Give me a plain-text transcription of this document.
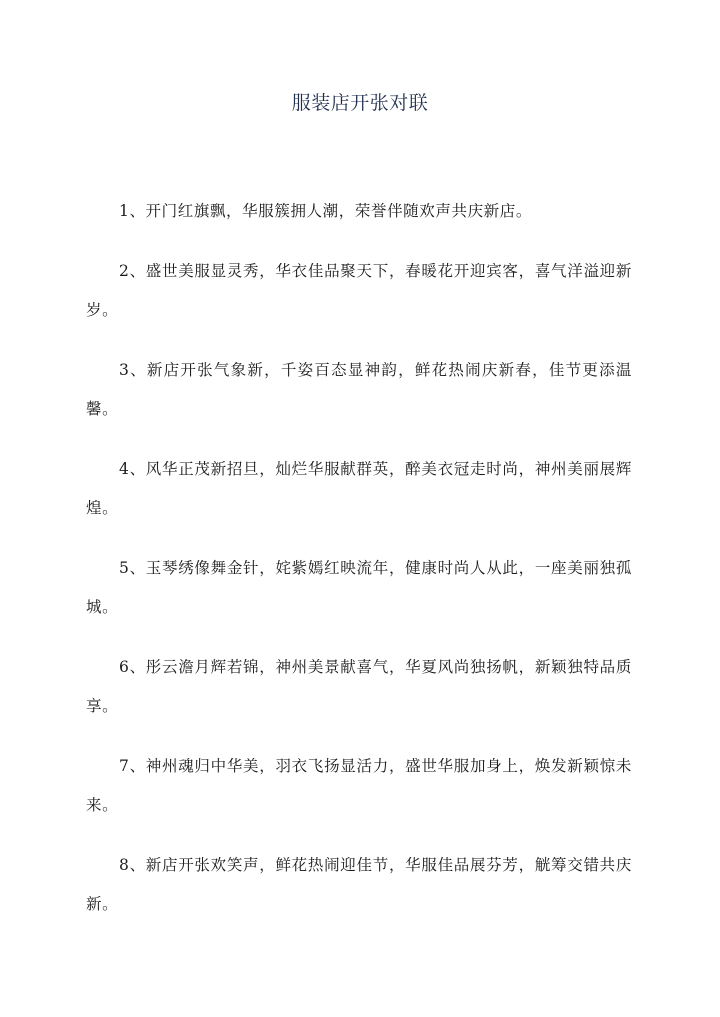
服装店开张对联

1、开门红旗飘，华服簇拥人潮，荣誉伴随欢声共庆新店。

2、盛世美服显灵秀，华衣佳品聚天下，春暖花开迎宾客，喜气洋溢迎新岁。

3、新店开张气象新，千姿百态显神韵，鲜花热闹庆新春，佳节更添温馨。

4、风华正茂新招旦，灿烂华服献群英，醉美衣冠走时尚，神州美丽展辉煌。

5、玉琴绣像舞金针，姹紫嫣红映流年，健康时尚人从此，一座美丽独孤城。

6、彤云澹月辉若锦，神州美景献喜气，华夏风尚独扬帆，新颖独特品质享。

7、神州魂归中华美，羽衣飞扬显活力，盛世华服加身上，焕发新颖惊未来。

8、新店开张欢笑声，鲜花热闹迎佳节，华服佳品展芬芳，觥筹交错共庆新。
